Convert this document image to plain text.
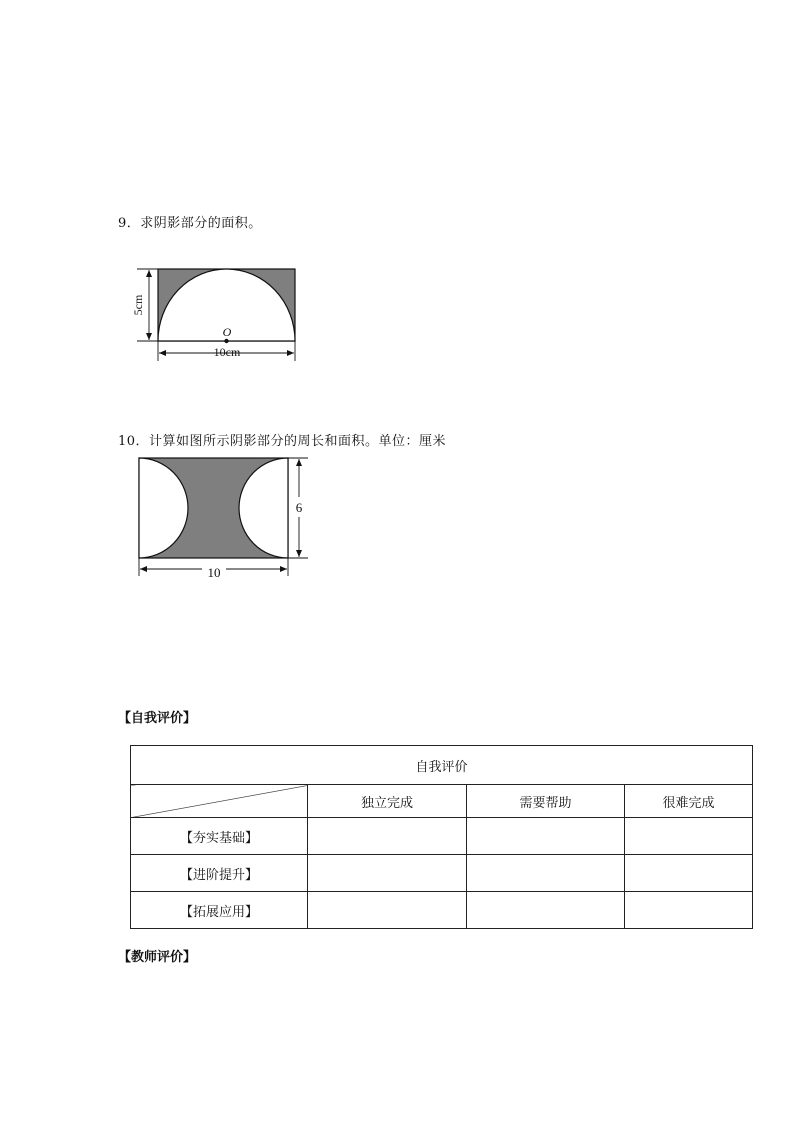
9．求阴影部分的面积。
5cm
O
10cm
10．计算如图所示阴影部分的周长和面积。单位：厘米
6
10
【自我评价】
自我评价			
	独立完成	需要帮助	很难完成
【夯实基础】			
【进阶提升】			
【拓展应用】			
【教师评价】
